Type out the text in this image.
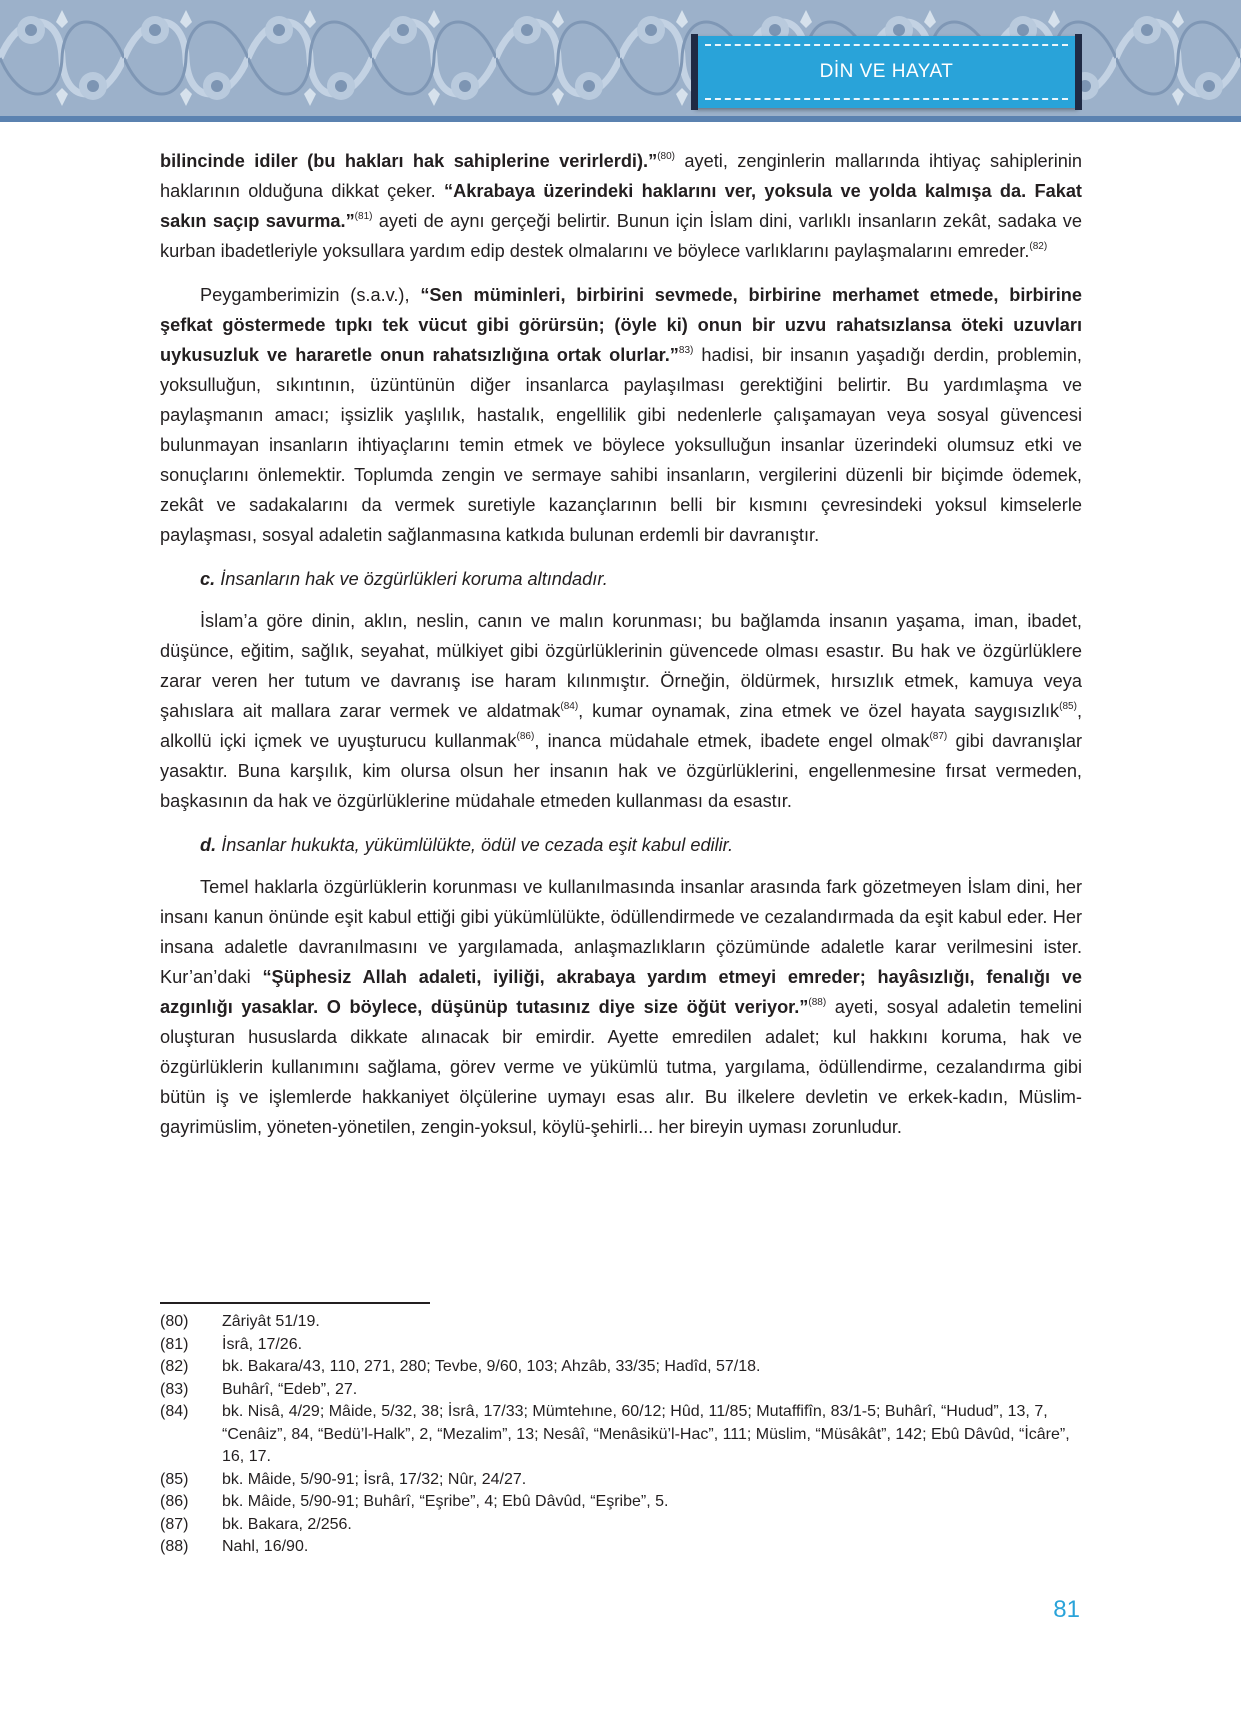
DİN VE HAYAT

bilincinde idiler (bu hakları hak sahiplerine verirlerdi).”$^{(80)}$ ayeti, zenginlerin mallarında ihtiyaç sahiplerinin haklarının olduğuna dikkat çeker. “Akrabaya üzerindeki haklarını ver, yoksula ve yolda kalmışa da. Fakat sakın saçıp savurma.”$^{(81)}$ ayeti de aynı gerçeği belirtir. Bunun için İslam dini, varlıklı insanların zekât, sadaka ve kurban ibadetleriyle yoksullara yardım edip destek olmalarını ve böylece varlıklarını paylaşmalarını emreder.$^{(82)}$

Peygamberimizin (s.a.v.), “Sen müminleri, birbirini sevmede, birbirine merhamet etmede, birbirine şefkat göstermede tıpkı tek vücut gibi görürsün; (öyle ki) onun bir uzvu rahatsızlansa öteki uzuvları uykusuzluk ve hararetle onun rahatsızlığına ortak olurlar.”$^{83)}$ hadisi, bir insanın yaşadığı derdin, problemin, yoksulluğun, sıkıntının, üzüntünün diğer insanlarca paylaşılması gerektiğini belirtir. Bu yardımlaşma ve paylaşmanın amacı; işsizlik yaşlılık, hastalık, engellilik gibi nedenlerle çalışamayan veya sosyal güvencesi bulunmayan insanların ihtiyaçlarını temin etmek ve böylece yoksulluğun insanlar üzerindeki olumsuz etki ve sonuçlarını önlemektir. Toplumda zengin ve sermaye sahibi insanların, vergilerini düzenli bir biçimde ödemek, zekât ve sadakalarını da vermek suretiyle kazançlarının belli bir kısmını çevresindeki yoksul kimselerle paylaşması, sosyal adaletin sağlanmasına katkıda bulunan erdemli bir davranıştır.

c. İnsanların hak ve özgürlükleri koruma altındadır.

İslam’a göre dinin, aklın, neslin, canın ve malın korunması; bu bağlamda insanın yaşama, iman, ibadet, düşünce, eğitim, sağlık, seyahat, mülkiyet gibi özgürlüklerinin güvencede olması esastır. Bu hak ve özgürlüklere zarar veren her tutum ve davranış ise haram kılınmıştır. Örneğin, öldürmek, hırsızlık etmek, kamuya veya şahıslara ait mallara zarar vermek ve aldatmak$^{(84)}$, kumar oynamak, zina etmek ve özel hayata saygısızlık$^{(85)}$, alkollü içki içmek ve uyuşturucu kullanmak$^{(86)}$, inanca müdahale etmek, ibadete engel olmak$^{(87)}$ gibi davranışlar yasaktır. Buna karşılık, kim olursa olsun her insanın hak ve özgürlüklerini, engellenmesine fırsat vermeden, başkasının da hak ve özgürlüklerine müdahale etmeden kullanması da esastır.

d. İnsanlar hukukta, yükümlülükte, ödül ve cezada eşit kabul edilir.

Temel haklarla özgürlüklerin korunması ve kullanılmasında insanlar arasında fark gözetmeyen İslam dini, her insanı kanun önünde eşit kabul ettiği gibi yükümlülükte, ödüllendirmede ve cezalandırmada da eşit kabul eder. Her insana adaletle davranılmasını ve yargılamada, anlaşmazlıkların çözümünde adaletle karar verilmesini ister. Kur’an’daki “Şüphesiz Allah adaleti, iyiliği, akrabaya yardım etmeyi emreder; hayâsızlığı, fenalığı ve azgınlığı yasaklar. O böylece, düşünüp tutasınız diye size öğüt veriyor.”$^{(88)}$ ayeti, sosyal adaletin temelini oluşturan hususlarda dikkate alınacak bir emirdir. Ayette emredilen adalet; kul hakkını koruma, hak ve özgürlüklerin kullanımını sağlama, görev verme ve yükümlü tutma, yargılama, ödüllendirme, cezalandırma gibi bütün iş ve işlemlerde hakkaniyet ölçülerine uymayı esas alır. Bu ilkelere devletin ve erkek-kadın, Müslim-gayrimüslim, yöneten-yönetilen, zengin-yoksul, köylü-şehirli... her bireyin uyması zorunludur.

(80)	Zâriyât 51/19.
(81)	İsrâ, 17/26.
(82)	bk. Bakara/43, 110, 271, 280; Tevbe, 9/60, 103; Ahzâb, 33/35; Hadîd, 57/18.
(83)	Buhârî, “Edeb”, 27.
(84)	bk. Nisâ, 4/29; Mâide, 5/32, 38; İsrâ, 17/33; Mümtehıne, 60/12; Hûd, 11/85; Mutaffifîn, 83/1-5; Buhârî, “Hudud”, 13, 7, “Cenâiz”, 84, “Bedü’l-Halk”, 2, “Mezalim”, 13; Nesâî, “Menâsikü’l-Hac”, 111; Müslim, “Müsâkât”, 142; Ebû Dâvûd, “İcâre”, 16, 17.
(85)	bk. Mâide, 5/90-91; İsrâ, 17/32; Nûr, 24/27.
(86)	bk. Mâide, 5/90-91; Buhârî, “Eşribe”, 4; Ebû Dâvûd, “Eşribe”, 5.
(87)	bk. Bakara, 2/256.
(88)	Nahl, 16/90.
81
